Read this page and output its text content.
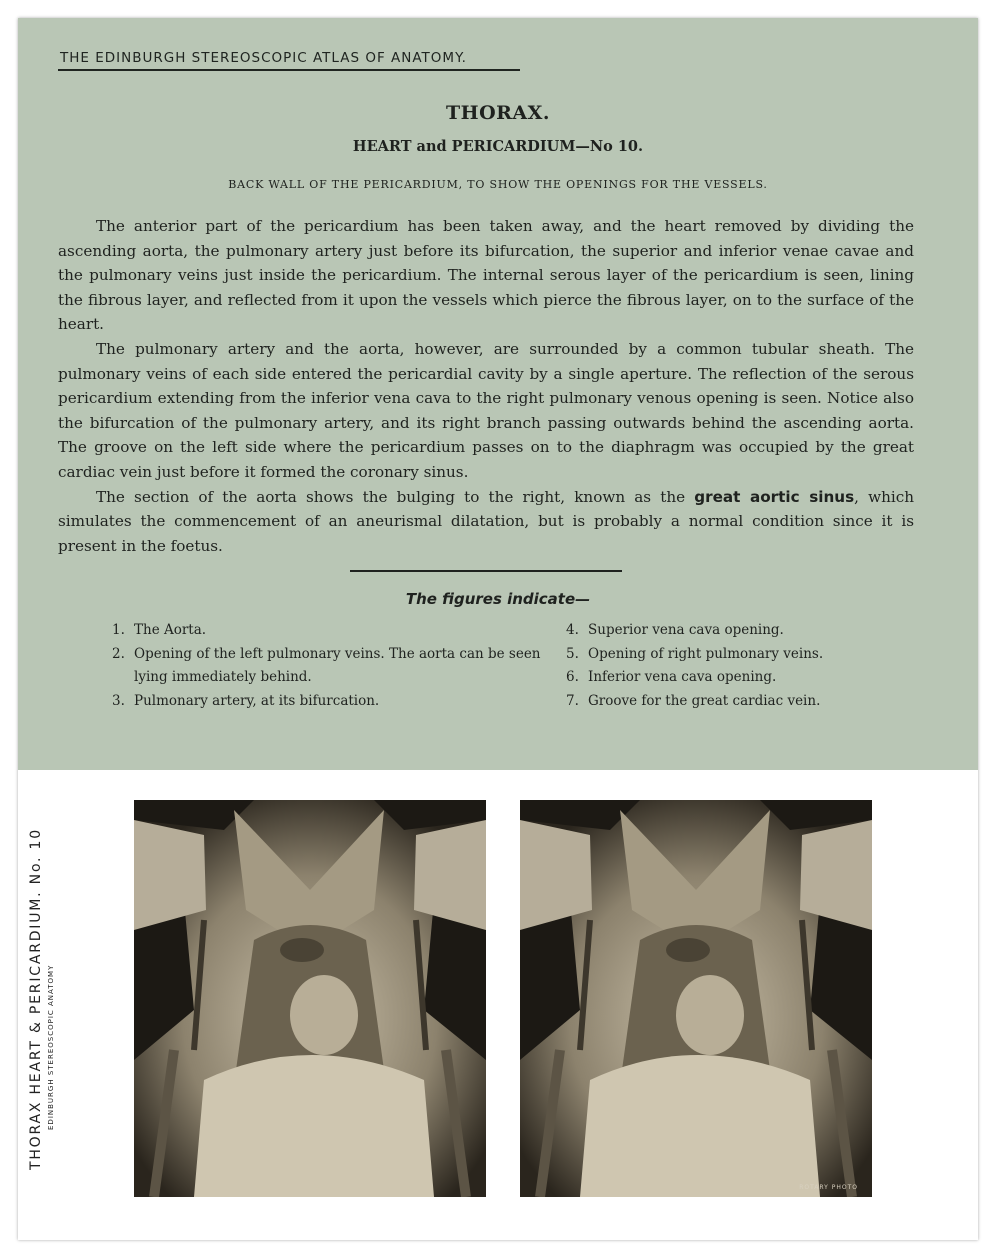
THE EDINBURGH STEREOSCOPIC ATLAS OF ANATOMY.
THORAX.
HEART and PERICARDIUM—No 10.
BACK WALL OF THE PERICARDIUM, TO SHOW THE OPENINGS FOR THE VESSELS.

The anterior part of the pericardium has been taken away, and the heart removed by dividing the ascending aorta, the pulmonary artery just before its bifurcation, the superior and inferior venae cavae and the pulmonary veins just inside the pericardium. The internal serous layer of the pericardium is seen, lining the fibrous layer, and reflected from it upon the vessels which pierce the fibrous layer, on to the surface of the heart.

The pulmonary artery and the aorta, however, are surrounded by a common tubular sheath. The pulmonary veins of each side entered the pericardial cavity by a single aperture. The reflection of the serous pericardium extending from the inferior vena cava to the right pulmonary venous opening is seen. Notice also the bifurcation of the pulmonary artery, and its right branch passing outwards behind the ascending aorta. The groove on the left side where the pericardium passes on to the diaphragm was occupied by the great cardiac vein just before it formed the coronary sinus.

The section of the aorta shows the bulging to the right, known as the great aortic sinus, which simulates the commencement of an aneurismal dilatation, but is probably a normal condition since it is present in the foetus.

The figures indicate—
1. The Aorta.
2. Opening of the left pulmonary veins. The aorta can be seen lying immediately behind.
3. Pulmonary artery, at its bifurcation.
4. Superior vena cava opening.
5. Opening of right pulmonary veins.
6. Inferior vena cava opening.
7. Groove for the great cardiac vein.
THORAX HEART & PERICARDIUM. No. 10 EDINBURGH STEREOSCOPIC ANATOMY
ROTARY PHOTO
